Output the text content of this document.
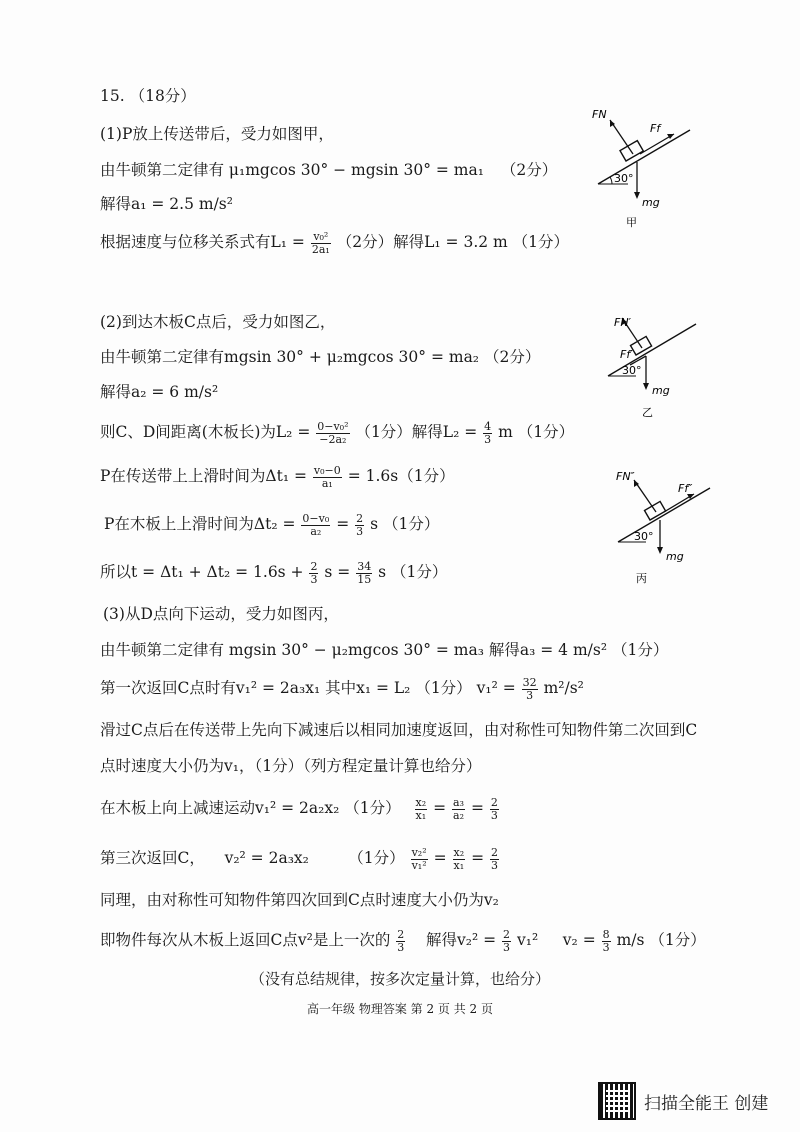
15. （18分）
(1)P放上传送带后，受力如图甲，
由牛顿第二定律有 μ₁mgcos 30° − mgsin 30° = ma₁ （2分）
解得a₁ = 2.5 m/s²
根据速度与位移关系式有$L_1 = \frac{\text{v₀²}}{\text{2a₁}} (2$分）解得L₁ = 3.2 m （1分）
(2)到达木板C点后，受力如图乙，
由牛顿第二定律有mgsin 30° + μ₂mgcos 30° = ma₂ （2分）
解得a₂ = 6 m/s²
则C、D间距离(木板长)为$L_2 = \frac{\text{0−v₀²}}{\text{−2a₂}} (1$分）解得$L_2 = \frac{4}{3}$ m （1分）
P在传送带上上滑时间为$\Delta t_1 = \frac{\text{v₀−0}}{\text{a₁}} = 1.6s(1$分）
P在木板上上滑时间为$\Delta t_2 = \frac{\text{0−v₀}}{\text{a₂}} = \frac{2}{3}$ s （1分）
所以$t = \Delta t_1 + \Delta t_2 = 1.6s + \frac{2}{3}$ $s = \frac{34}{15}$ s （1分）
(3)从D点向下运动，受力如图丙，
由牛顿第二定律有 mgsin 30° − μ₂mgcos 30° = ma₃ 解得a₃ = 4 m/s² （1分）
第一次返回C点时有v₁² = 2a₃x₁ 其中x₁ = L₂ （1分） $v_1^2 = \frac{32}{3} m^2/s^2$
滑过C点后在传送带上先向下减速后以相同加速度返回，由对称性可知物件第二次回到C
点时速度大小仍为v₁，（1分）（列方程定量计算也给分）
在木板上向上减速运动v₁² = 2a₂x₂ （1分） $\frac{\text{x₂}}{\text{x₁}} = \frac{\text{a₃}}{\text{a₂}} = \frac{2}{3}$
第三次返回C，    v₂² = 2a₃x₂        （1分） $\frac{\text{v₂²}}{\text{v₁²}} = \frac{\text{x₂}}{\text{x₁}} = \frac{2}{3}$
同理，由对称性可知物件第四次回到C点时速度大小仍为v₂
即物件每次从木板上返回C点v²是上一次的 $\frac{2}{3}$ 解得$v_2^2 = \frac{2}{3} v_1^2$     $v_2 = \frac{8}{3} m/s$ （1分）
（没有总结规律，按多次定量计算，也给分）
高一年级 物理答案 第 2 页 共 2 页
FN
Ff
30°
mg
甲
FN′
Ff′
30°
mg
乙
FN″
Ff″
30°
mg
丙
扫描全能王 创建
